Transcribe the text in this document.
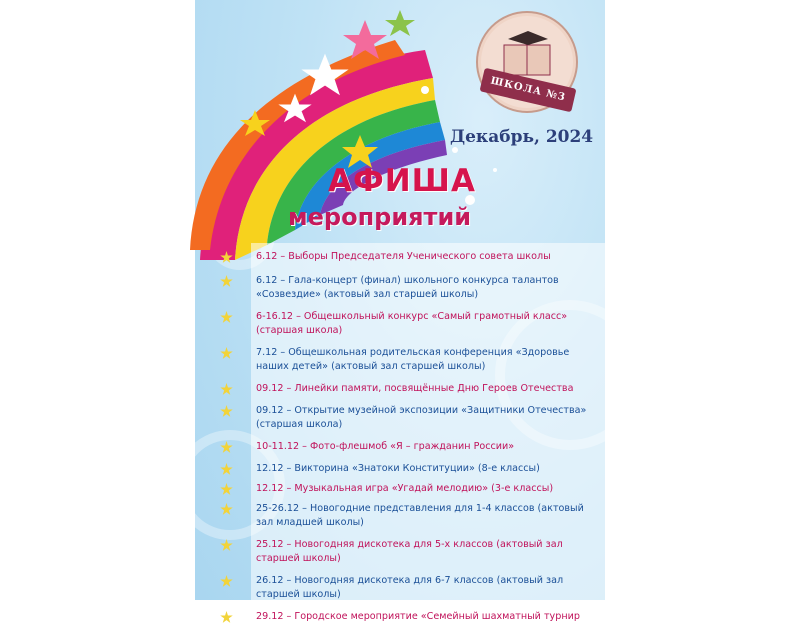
ШКОЛА №3
Декабрь, 2024
АФИША
мероприятий
6.12 – Выборы Председателя Ученического совета школы
6.12 – Гала-концерт (финал) школьного конкурса талантов «Созвездие» (актовый зал старшей школы)
6-16.12 – Общешкольный конкурс «Самый грамотный класс» (старшая школа)
7.12 – Общешкольная родительская конференция «Здоровье наших детей» (актовый зал старшей школы)
09.12 – Линейки памяти, посвящённые Дню Героев Отечества
09.12 – Открытие музейной экспозиции «Защитники Отечества» (старшая школа)
10-11.12 – Фото-флешмоб «Я – гражданин России»
12.12 – Викторина «Знатоки Конституции» (8-е классы)
12.12 – Музыкальная игра «Угадай мелодию» (3-е классы)
25-26.12 – Новогодние представления для 1-4 классов (актовый зал младшей школы)
25.12 – Новогодняя дискотека для 5-х классов (актовый зал старшей школы)
26.12 – Новогодняя дискотека для 6-7 классов (актовый зал старшей школы)
29.12 – Городское мероприятие «Семейный шахматный турнир
